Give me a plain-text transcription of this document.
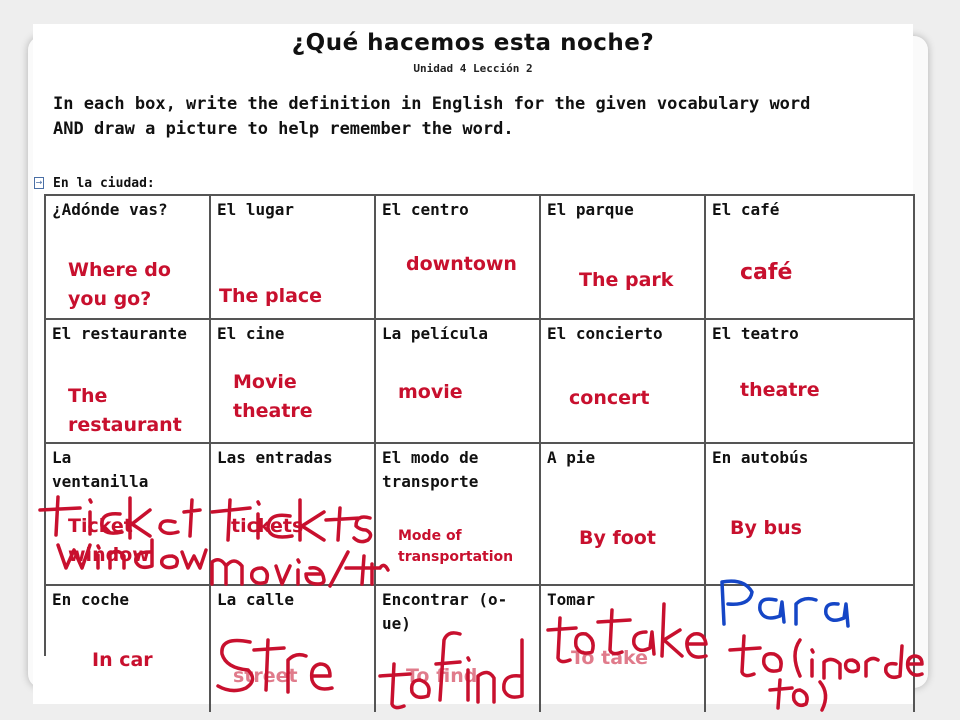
¿Qué hacemos esta noche?
Unidad 4 Lección 2
In each box, write the definition in English for the given vocabulary word AND draw a picture to help remember the word.
→ En la ciudad:
¿Adónde vas?
Where do
you go?
El lugar
The place
El centro
downtown
El parque
The park
El café
café
El restaurante
The
restaurant
El cine
Movie
theatre
La película
movie
El concierto
concert
El teatro
theatre
La ventanilla
Ticket
window
Las entradas
tickets
El modo de transporte
Mode of
transportation
A pie
By foot
En autobús
By bus
En coche
In car
La calle
street
Encontrar (o-ue)
To find
Tomar
To take
